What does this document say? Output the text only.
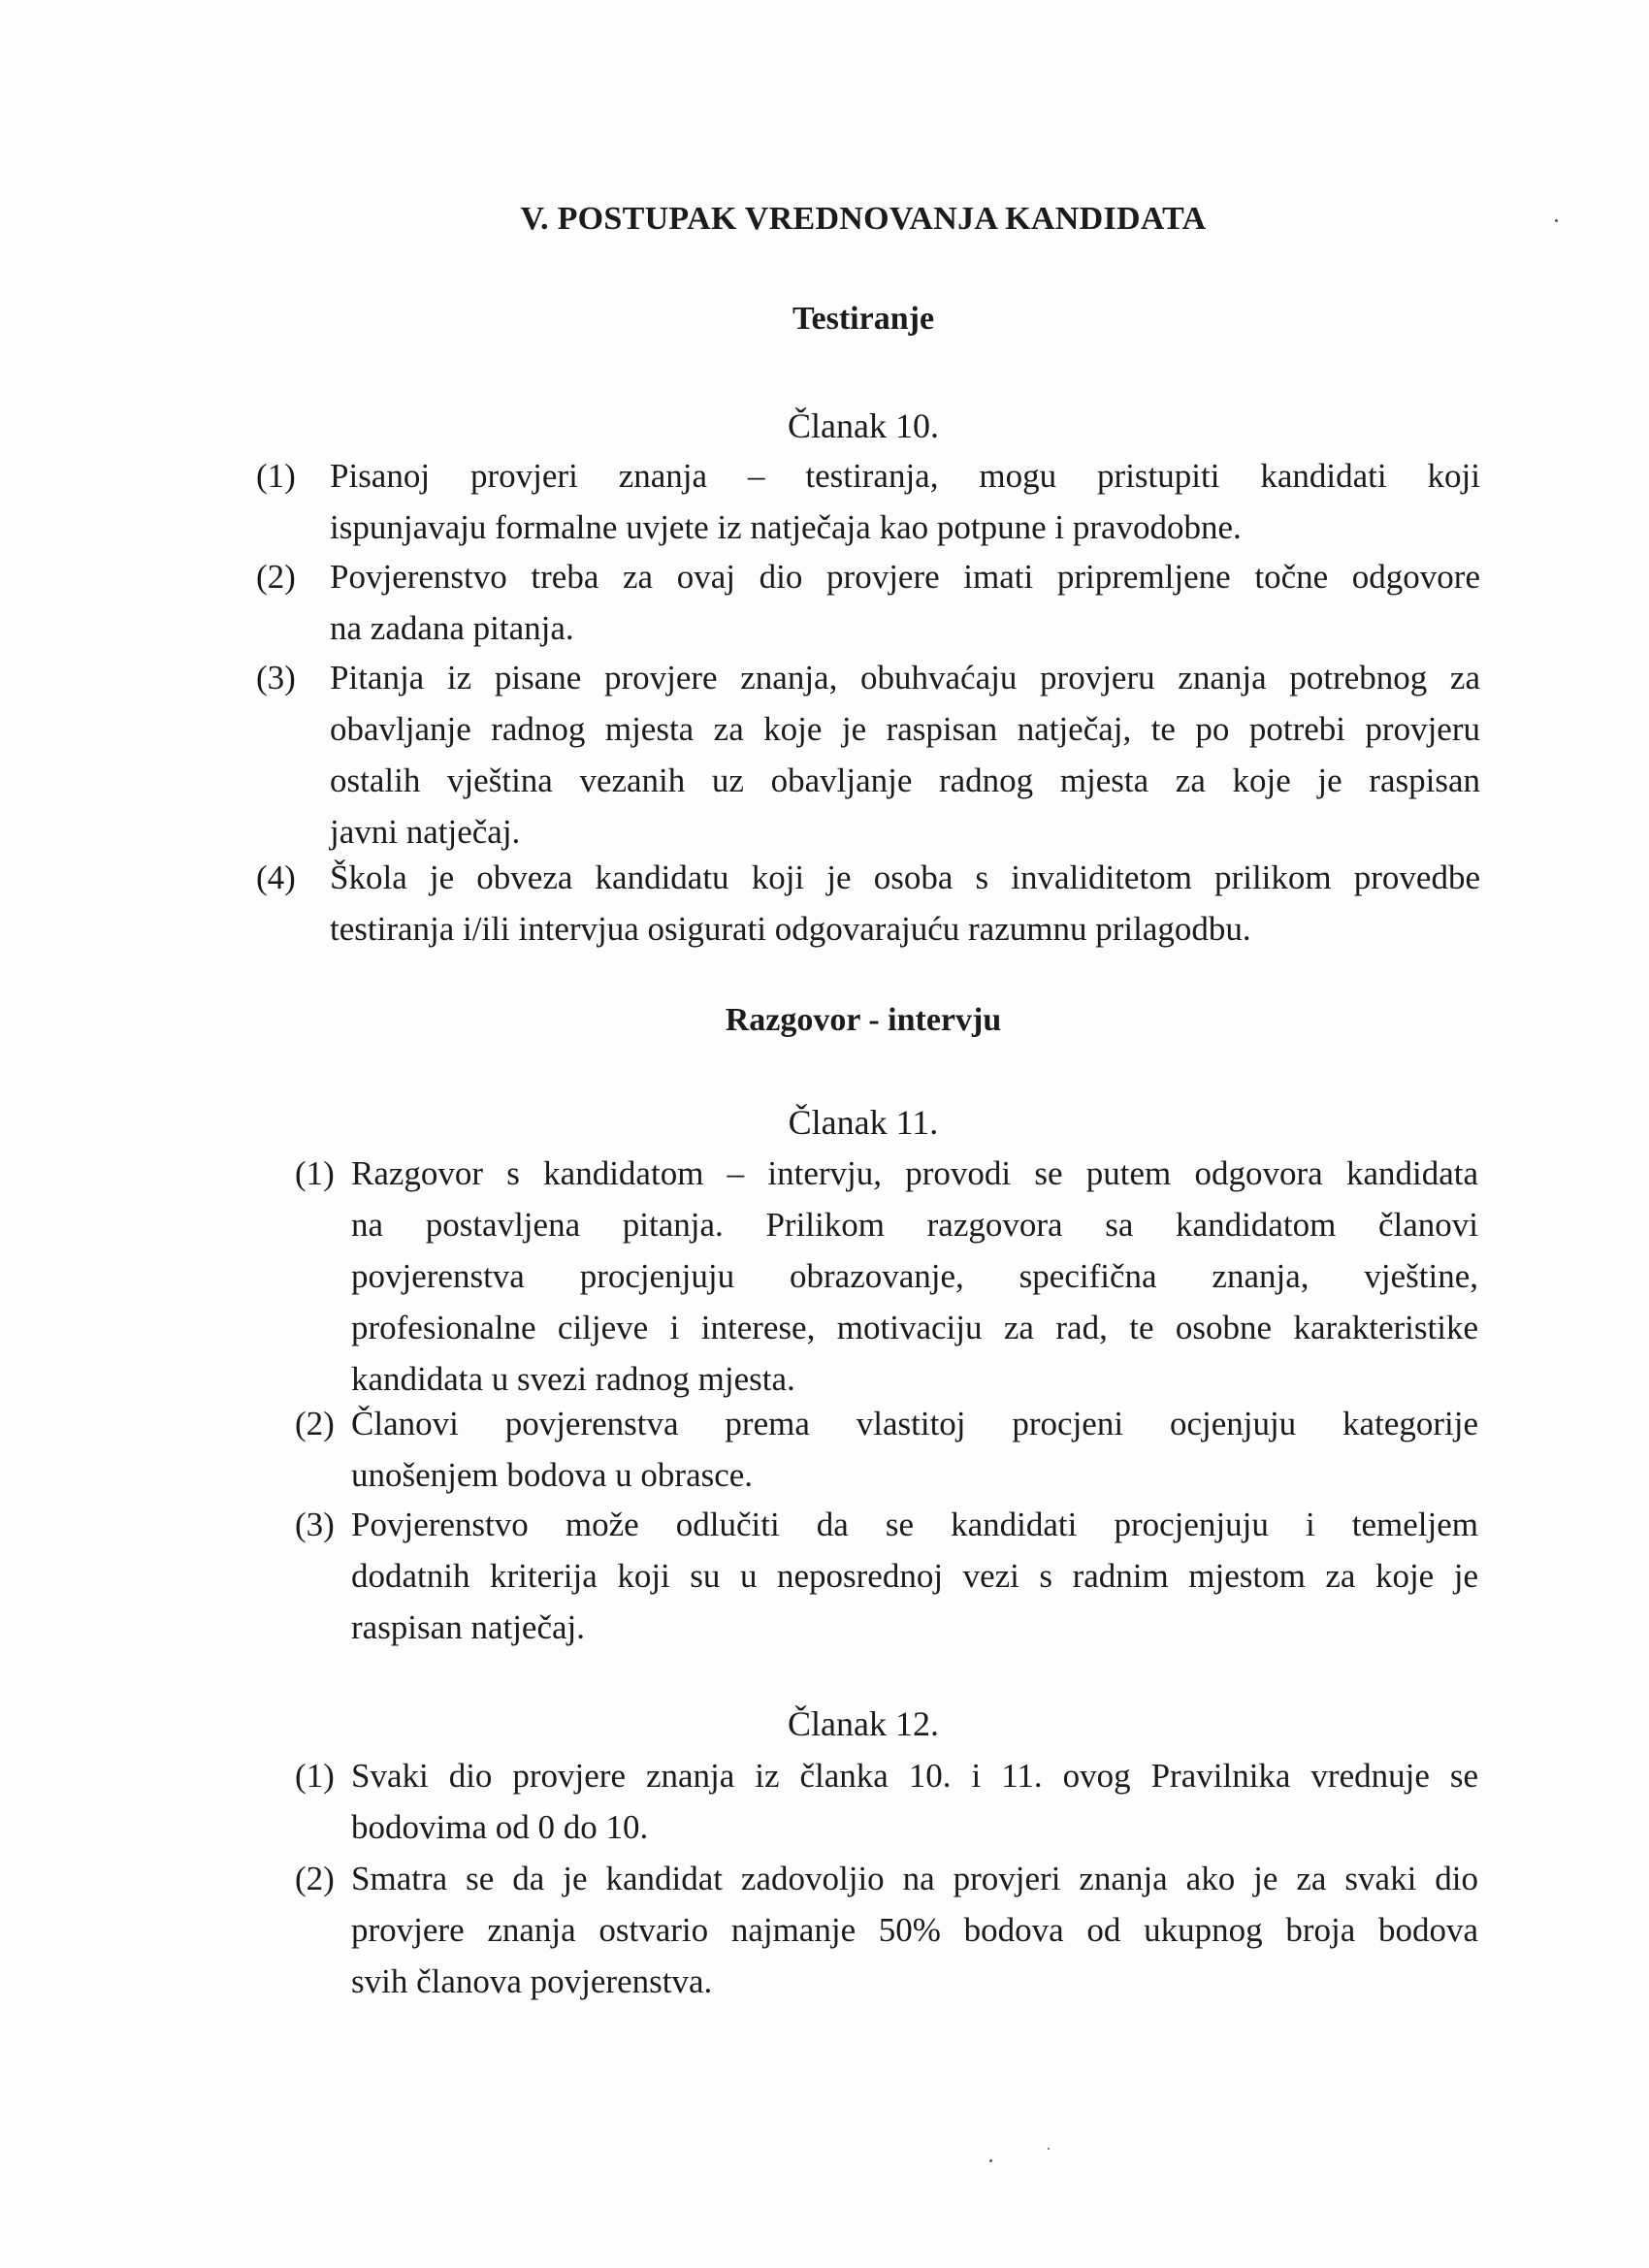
V. POSTUPAK VREDNOVANJA KANDIDATA
Testiranje
Članak 10.
(1) Pisanoj provjeri znanja – testiranja, mogu pristupiti kandidati koji
ispunjavaju formalne uvjete iz natječaja kao potpune i pravodobne.
(2) Povjerenstvo treba za ovaj dio provjere imati pripremljene točne odgovore
na zadana pitanja.
(3) Pitanja iz pisane provjere znanja, obuhvaćaju provjeru znanja potrebnog za
obavljanje radnog mjesta za koje je raspisan natječaj, te po potrebi provjeru
ostalih vještina vezanih uz obavljanje radnog mjesta za koje je raspisan
javni natječaj.
(4) Škola je obveza kandidatu koji je osoba s invaliditetom prilikom provedbe
testiranja i/ili intervjua osigurati odgovarajuću razumnu prilagodbu.
Razgovor - intervju
Članak 11.
(1) Razgovor s kandidatom – intervju, provodi se putem odgovora kandidata
na postavljena pitanja. Prilikom razgovora sa kandidatom članovi
povjerenstva procjenjuju obrazovanje, specifična znanja, vještine,
profesionalne ciljeve i interese, motivaciju za rad, te osobne karakteristike
kandidata u svezi radnog mjesta.
(2) Članovi povjerenstva prema vlastitoj procjeni ocjenjuju kategorije
unošenjem bodova u obrasce.
(3) Povjerenstvo može odlučiti da se kandidati procjenjuju i temeljem
dodatnih kriterija koji su u neposrednoj vezi s radnim mjestom za koje je
raspisan natječaj.
Članak 12.
(1) Svaki dio provjere znanja iz članka 10. i 11. ovog Pravilnika vrednuje se
bodovima od 0 do 10.
(2) Smatra se da je kandidat zadovoljio na provjeri znanja ako je za svaki dio
provjere znanja ostvario najmanje 50% bodova od ukupnog broja bodova
svih članova povjerenstva.
